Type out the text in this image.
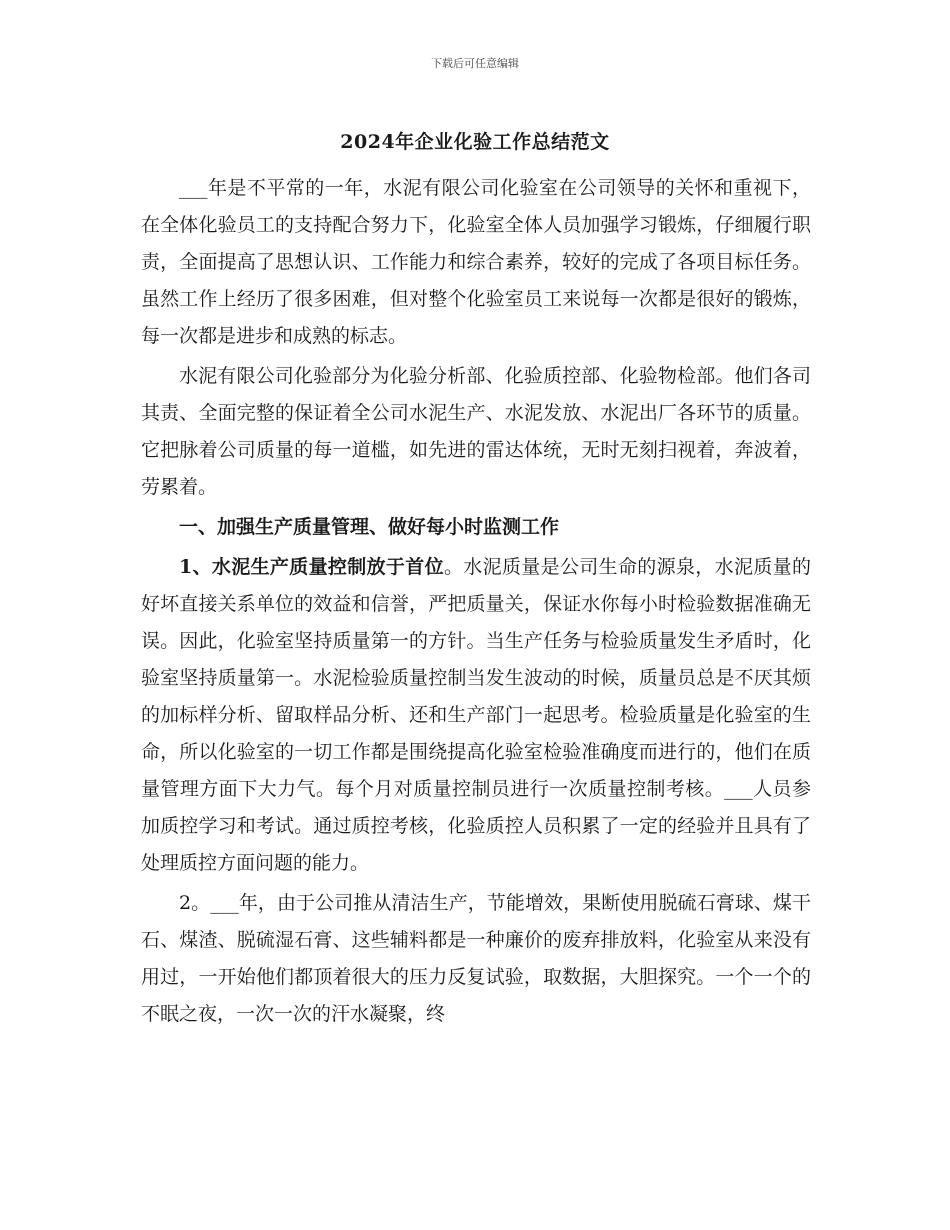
下载后可任意编辑
2024年企业化验工作总结范文

___年是不平常的一年，水泥有限公司化验室在公司领导的关怀和重视下，在全体化验员工的支持配合努力下，化验室全体人员加强学习锻炼，仔细履行职责，全面提高了思想认识、工作能力和综合素养，较好的完成了各项目标任务。虽然工作上经历了很多困难，但对整个化验室员工来说每一次都是很好的锻炼，每一次都是进步和成熟的标志。

水泥有限公司化验部分为化验分析部、化验质控部、化验物检部。他们各司其责、全面完整的保证着全公司水泥生产、水泥发放、水泥出厂各环节的质量。它把脉着公司质量的每一道槛，如先进的雷达体统，无时无刻扫视着，奔波着，劳累着。

一、加强生产质量管理、做好每小时监测工作

1、水泥生产质量控制放于首位。水泥质量是公司生命的源泉，水泥质量的好坏直接关系单位的效益和信誉，严把质量关，保证水你每小时检验数据准确无误。因此，化验室坚持质量第一的方针。当生产任务与检验质量发生矛盾时，化验室坚持质量第一。水泥检验质量控制当发生波动的时候，质量员总是不厌其烦的加标样分析、留取样品分析、还和生产部门一起思考。检验质量是化验室的生命，所以化验室的一切工作都是围绕提高化验室检验准确度而进行的，他们在质量管理方面下大力气。每个月对质量控制员进行一次质量控制考核。___人员参加质控学习和考试。通过质控考核，化验质控人员积累了一定的经验并且具有了处理质控方面问题的能力。

2。___年，由于公司推从清洁生产，节能增效，果断使用脱硫石膏球、煤干石、煤渣、脱硫湿石膏、这些辅料都是一种廉价的废弃排放料，化验室从来没有用过，一开始他们都顶着很大的压力反复试验，取数据，大胆探究。一个一个的不眠之夜，一次一次的汗水凝聚，终
